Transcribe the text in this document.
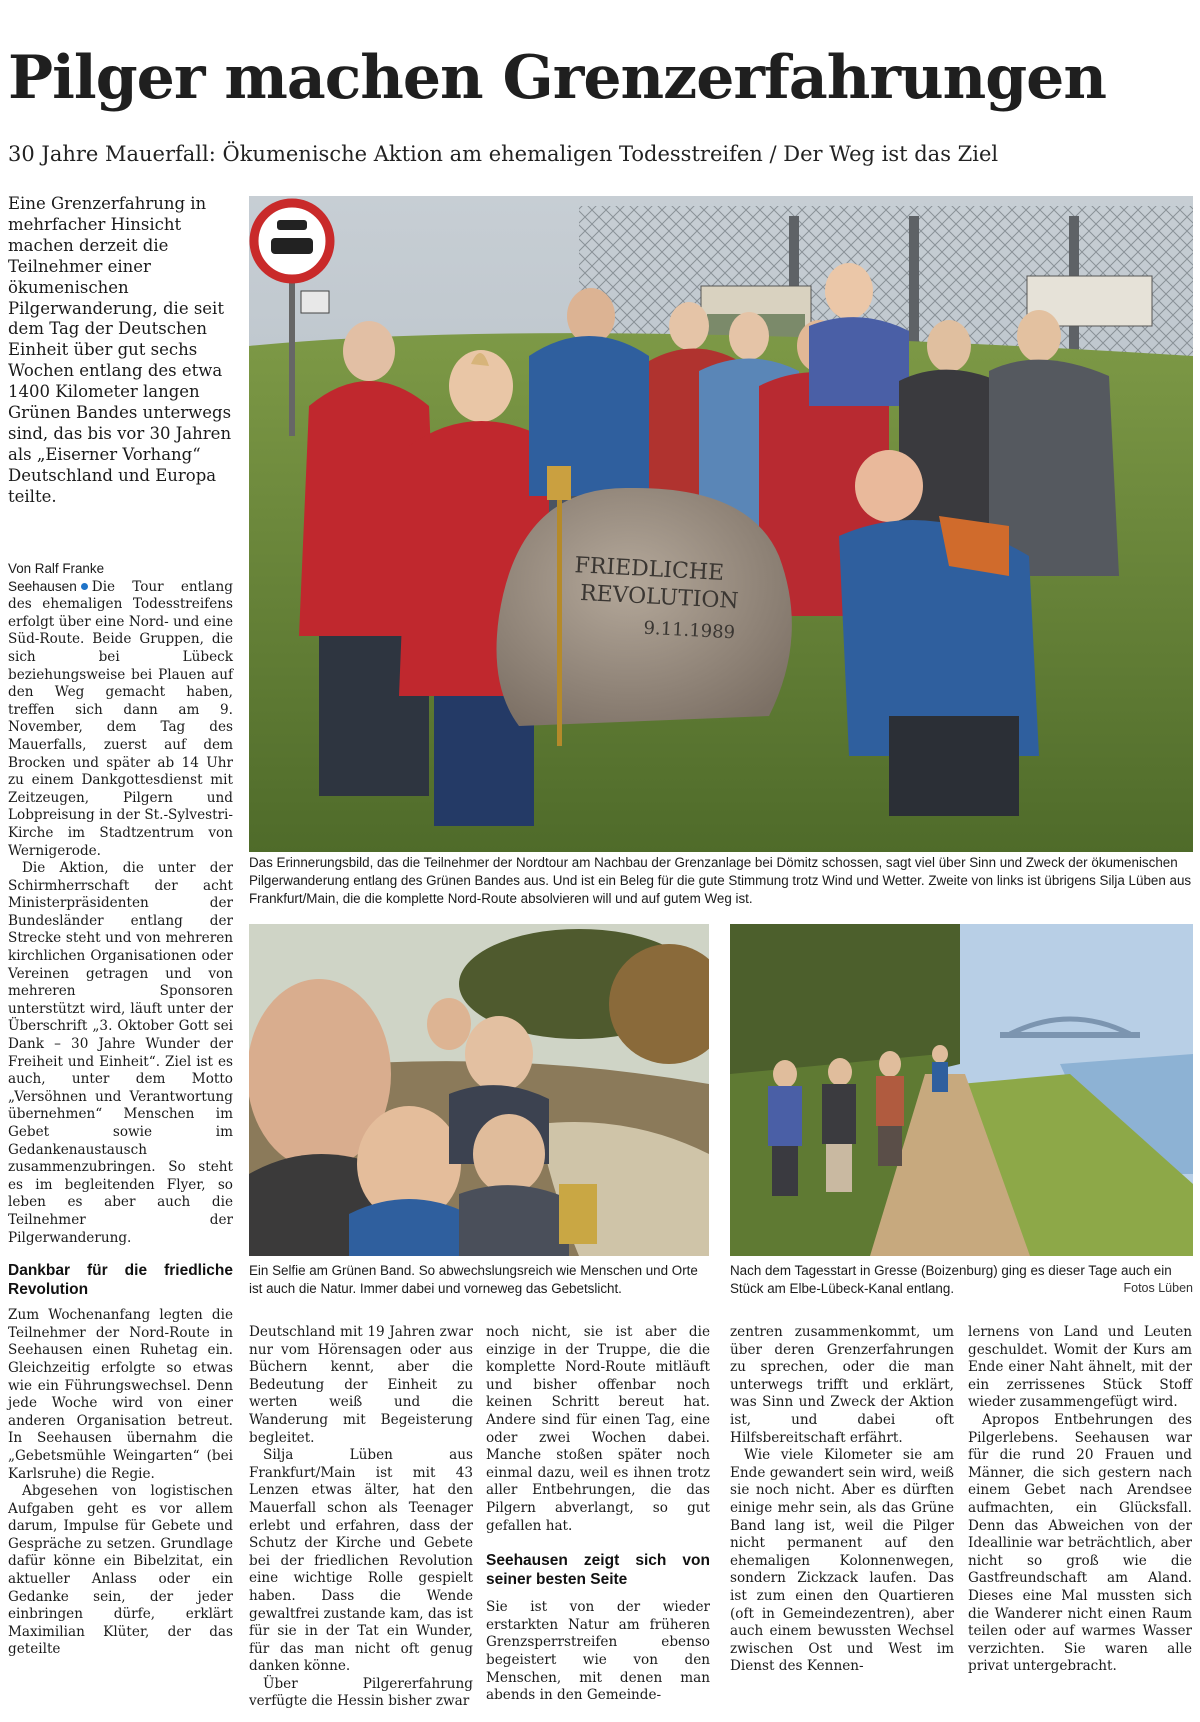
Pilger machen Grenzerfahrungen
30 Jahre Mauerfall: Ökumenische Aktion am ehemaligen Todesstreifen / Der Weg ist das Ziel

Eine Grenzerfahrung in mehrfacher Hinsicht machen derzeit die Teilnehmer einer ökumenischen Pilgerwanderung, die seit dem Tag der Deutschen Einheit über gut sechs Wochen entlang des etwa 1400 Kilometer langen Grünen Bandes unterwegs sind, das bis vor 30 Jahren als „Eiserner Vorhang“ Deutschland und Europa teilte.

Von Ralf Franke

Seehausen Die Tour entlang des ehemaligen Todesstreifens erfolgt über eine Nord- und eine Süd-Route. Beide Gruppen, die sich bei Lübeck beziehungsweise bei Plauen auf den Weg gemacht haben, treffen sich dann am 9. November, dem Tag des Mauerfalls, zuerst auf dem Brocken und später ab 14 Uhr zu einem Dankgottesdienst mit Zeitzeugen, Pilgern und Lobpreisung in der St.-Sylvestri-Kirche im Stadtzentrum von Wernigerode.

Die Aktion, die unter der Schirmherrschaft der acht Ministerpräsidenten der Bundesländer entlang der Strecke steht und von mehreren kirchlichen Organisationen oder Vereinen getragen und von mehreren Sponsoren unterstützt wird, läuft unter der Überschrift „3. Oktober Gott sei Dank – 30 Jahre Wunder der Freiheit und Einheit“. Ziel ist es auch, unter dem Motto „Versöhnen und Verantwortung übernehmen“ Menschen im Gebet sowie im Gedankenaustausch zusammenzubringen. So steht es im begleitenden Flyer, so leben es aber auch die Teilnehmer der Pilgerwanderung.

Dankbar für die friedliche Revolution

Zum Wochenanfang legten die Teilnehmer der Nord-Route in Seehausen einen Ruhetag ein. Gleichzeitig erfolgte so etwas wie ein Führungswechsel. Denn jede Woche wird von einer anderen Organisation betreut. In Seehausen übernahm die „Gebetsmühle Weingarten“ (bei Karlsruhe) die Regie.

Abgesehen von logistischen Aufgaben geht es vor allem darum, Impulse für Gebete und Gespräche zu setzen. Grundlage dafür könne ein Bibelzitat, ein aktueller Anlass oder ein Gedanke sein, der jeder einbringen dürfe, erklärt Maximilian Klüter, der das geteilte

FRIEDLICHE
REVOLUTION
9.11.1989

Das Erinnerungsbild, das die Teilnehmer der Nordtour am Nachbau der Grenzanlage bei Dömitz schossen, sagt viel über Sinn und Zweck der ökumenischen Pilgerwanderung entlang des Grünen Bandes aus. Und ist ein Beleg für die gute Stimmung trotz Wind und Wetter. Zweite von links ist übrigens Silja Lüben aus Frankfurt/Main, die die komplette Nord-Route absolvieren will und auf gutem Weg ist.

Ein Selfie am Grünen Band. So abwechslungsreich wie Menschen und Orte ist auch die Natur. Immer dabei und vorneweg das Gebetslicht.

Nach dem Tagesstart in Gresse (Boizenburg) ging es dieser Tage auch ein Stück am Elbe-Lübeck-Kanal entlang.	Fotos Lüben

Deutschland mit 19 Jahren zwar nur vom Hörensagen oder aus Büchern kennt, aber die Bedeutung der Einheit zu werten weiß und die Wanderung mit Begeisterung begleitet.

Silja Lüben aus Frankfurt/Main ist mit 43 Lenzen etwas älter, hat den Mauerfall schon als Teenager erlebt und erfahren, dass der Schutz der Kirche und Gebete bei der friedlichen Revolution eine wichtige Rolle gespielt haben. Dass die Wende gewaltfrei zustande kam, das ist für sie in der Tat ein Wunder, für das man nicht oft genug danken könne.

Über Pilgererfahrung verfügte die Hessin bisher zwar

noch nicht, sie ist aber die einzige in der Truppe, die die komplette Nord-Route mitläuft und bisher offenbar noch keinen Schritt bereut hat. Andere sind für einen Tag, eine oder zwei Wochen dabei. Manche stoßen später noch einmal dazu, weil es ihnen trotz aller Entbehrungen, die das Pilgern abverlangt, so gut gefallen hat.

Seehausen zeigt sich von seiner besten Seite

Sie ist von der wieder erstarkten Natur am früheren Grenzsperrstreifen ebenso begeistert wie von den Menschen, mit denen man abends in den Gemeinde-

zentren zusammenkommt, um über deren Grenzerfahrungen zu sprechen, oder die man unterwegs trifft und erklärt, was Sinn und Zweck der Aktion ist, und dabei oft Hilfsbereitschaft erfährt.

Wie viele Kilometer sie am Ende gewandert sein wird, weiß sie noch nicht. Aber es dürften einige mehr sein, als das Grüne Band lang ist, weil die Pilger nicht permanent auf den ehemaligen Kolonnenwegen, sondern Zickzack laufen. Das ist zum einen den Quartieren (oft in Gemeindezentren), aber auch einem bewussten Wechsel zwischen Ost und West im Dienst des Kennen-

lernens von Land und Leuten geschuldet. Womit der Kurs am Ende einer Naht ähnelt, mit der ein zerrissenes Stück Stoff wieder zusammengefügt wird.

Apropos Entbehrungen des Pilgerlebens. Seehausen war für die rund 20 Frauen und Männer, die sich gestern nach einem Gebet nach Arendsee aufmachten, ein Glücksfall. Denn das Abweichen von der Ideallinie war beträchtlich, aber nicht so groß wie die Gastfreundschaft am Aland. Dieses eine Mal mussten sich die Wanderer nicht einen Raum teilen oder auf warmes Wasser verzichten. Sie waren alle privat untergebracht.
